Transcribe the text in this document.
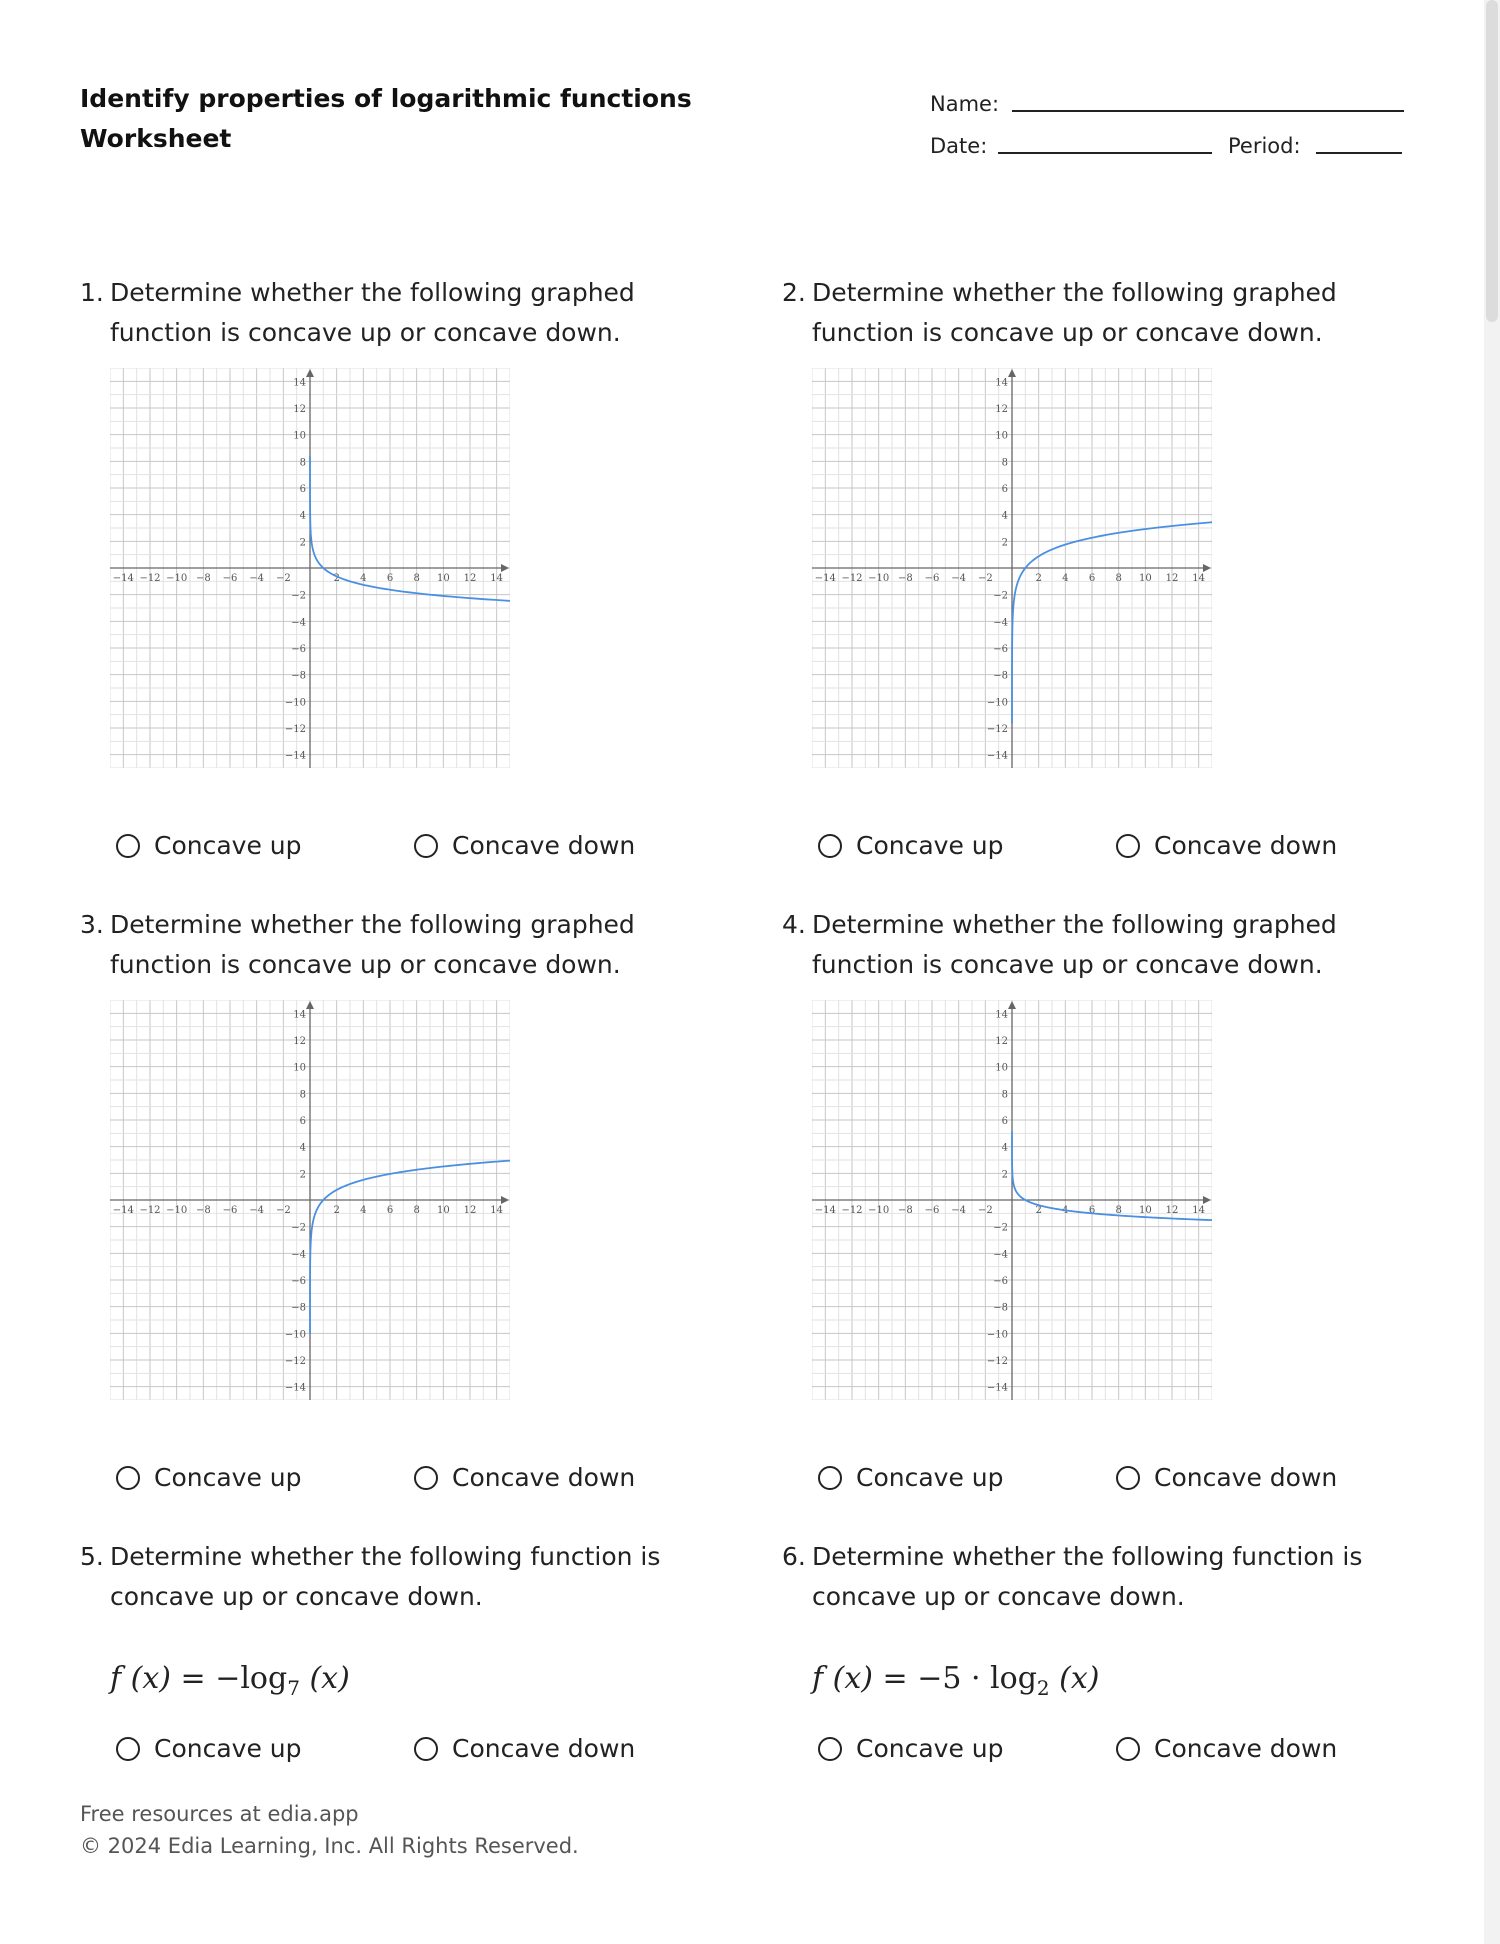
Identify properties of logarithmic functions
Worksheet
Name:
Date:	Period:
1. Determine whether the following graphed
function is concave up or concave down.
−14 −12 −10 −8 −6 −4 −2	2 4 6 8 10 12 14
14
12
10
8
6
4
2
−2
−4
−6
−8
−10
−12
−14
Concave up	Concave down
2. Determine whether the following graphed
function is concave up or concave down.
−14 −12 −10 −8 −6 −4 −2	2 4 6 8 10 12 14
14
12
10
8
6
4
2
−2
−4
−6
−8
−10
−12
−14
Concave up	Concave down
3. Determine whether the following graphed
function is concave up or concave down.
−14 −12 −10 −8 −6 −4 −2	2 4 6 8 10 12 14
14
12
10
8
6
4
2
−2
−4
−6
−8
−10
−12
−14
Concave up	Concave down
4. Determine whether the following graphed
function is concave up or concave down.
−14 −12 −10 −8 −6 −4 −2	2 4 6 8 10 12 14
14
12
10
8
6
4
2
−2
−4
−6
−8
−10
−12
−14
Concave up	Concave down
5. Determine whether the following function is
concave up or concave down.
f $(x) = -\log_7$ (x)
Concave up	Concave down
6. Determine whether the following function is
concave up or concave down.
f $(x) = -5 \cdot \log_2 (x)$
Concave up	Concave down
Free resources at edia.app
© 2024 Edia Learning, Inc. All Rights Reserved.
